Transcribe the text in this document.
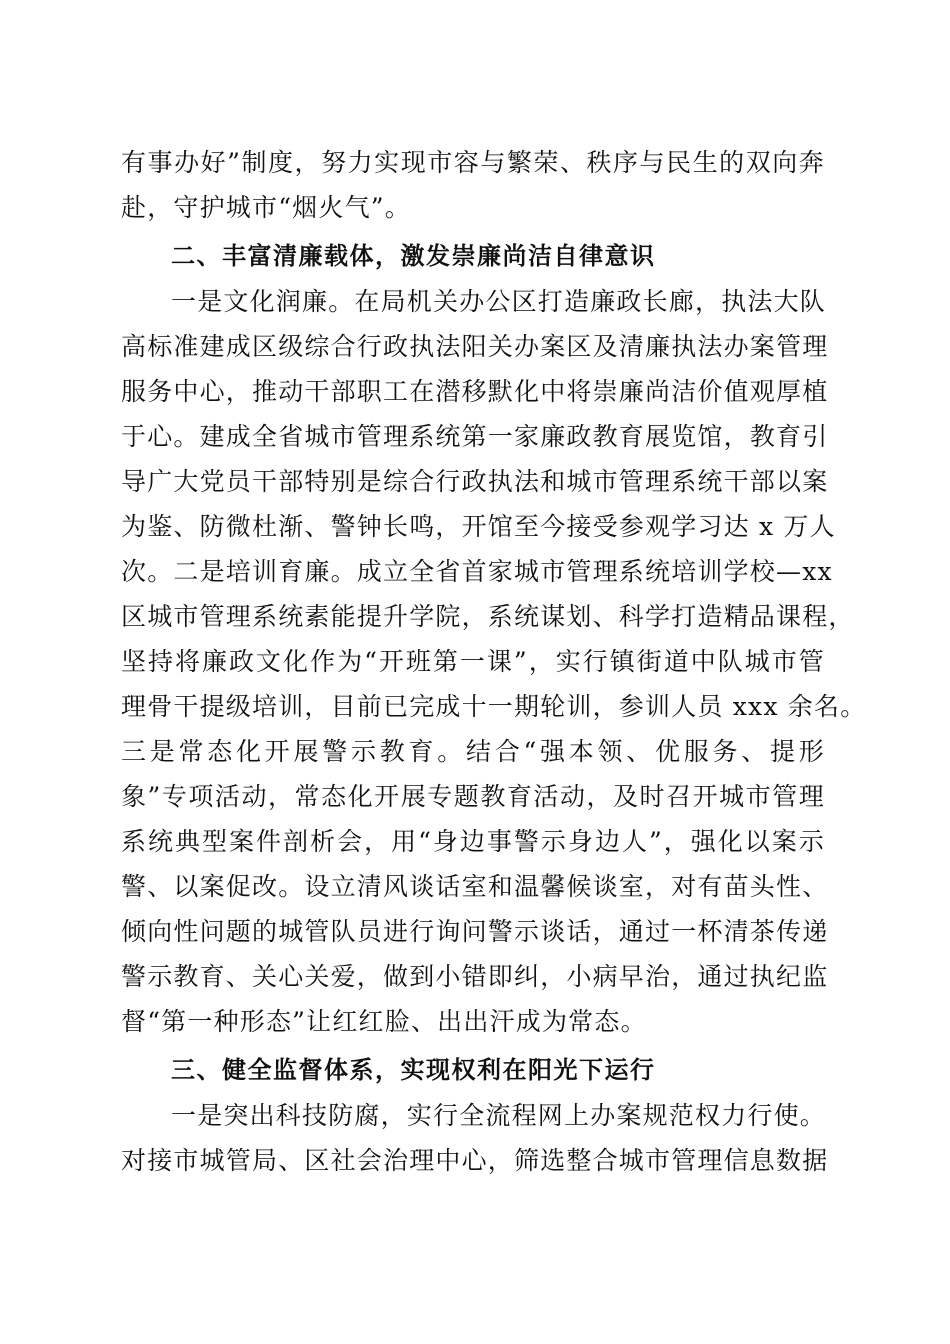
有事办好”制度，努力实现市容与繁荣、秩序与民生的双向奔
赴，守护城市“烟火气”。
二、丰富清廉载体，激发崇廉尚洁自律意识
一是文化润廉。在局机关办公区打造廉政长廊，执法大队
高标准建成区级综合行政执法阳关办案区及清廉执法办案管理
服务中心，推动干部职工在潜移默化中将崇廉尚洁价值观厚植
于心。建成全省城市管理系统第一家廉政教育展览馆，教育引
导广大党员干部特别是综合行政执法和城市管理系统干部以案
为鉴、防微杜渐、警钟长鸣，开馆至今接受参观学习达 x 万人
次。二是培训育廉。成立全省首家城市管理系统培训学校—xx
区城市管理系统素能提升学院，系统谋划、科学打造精品课程，
坚持将廉政文化作为“开班第一课”，实行镇街道中队城市管
理骨干提级培训，目前已完成十一期轮训，参训人员 xxx 余名。
三是常态化开展警示教育。结合“强本领、优服务、提形
象”专项活动，常态化开展专题教育活动，及时召开城市管理
系统典型案件剖析会，用“身边事警示身边人”，强化以案示
警、以案促改。设立清风谈话室和温馨候谈室，对有苗头性、
倾向性问题的城管队员进行询问警示谈话，通过一杯清茶传递
警示教育、关心关爱，做到小错即纠，小病早治，通过执纪监
督“第一种形态”让红红脸、出出汗成为常态。
三、健全监督体系，实现权利在阳光下运行
一是突出科技防腐，实行全流程网上办案规范权力行使。
对接市城管局、区社会治理中心，筛选整合城市管理信息数据
